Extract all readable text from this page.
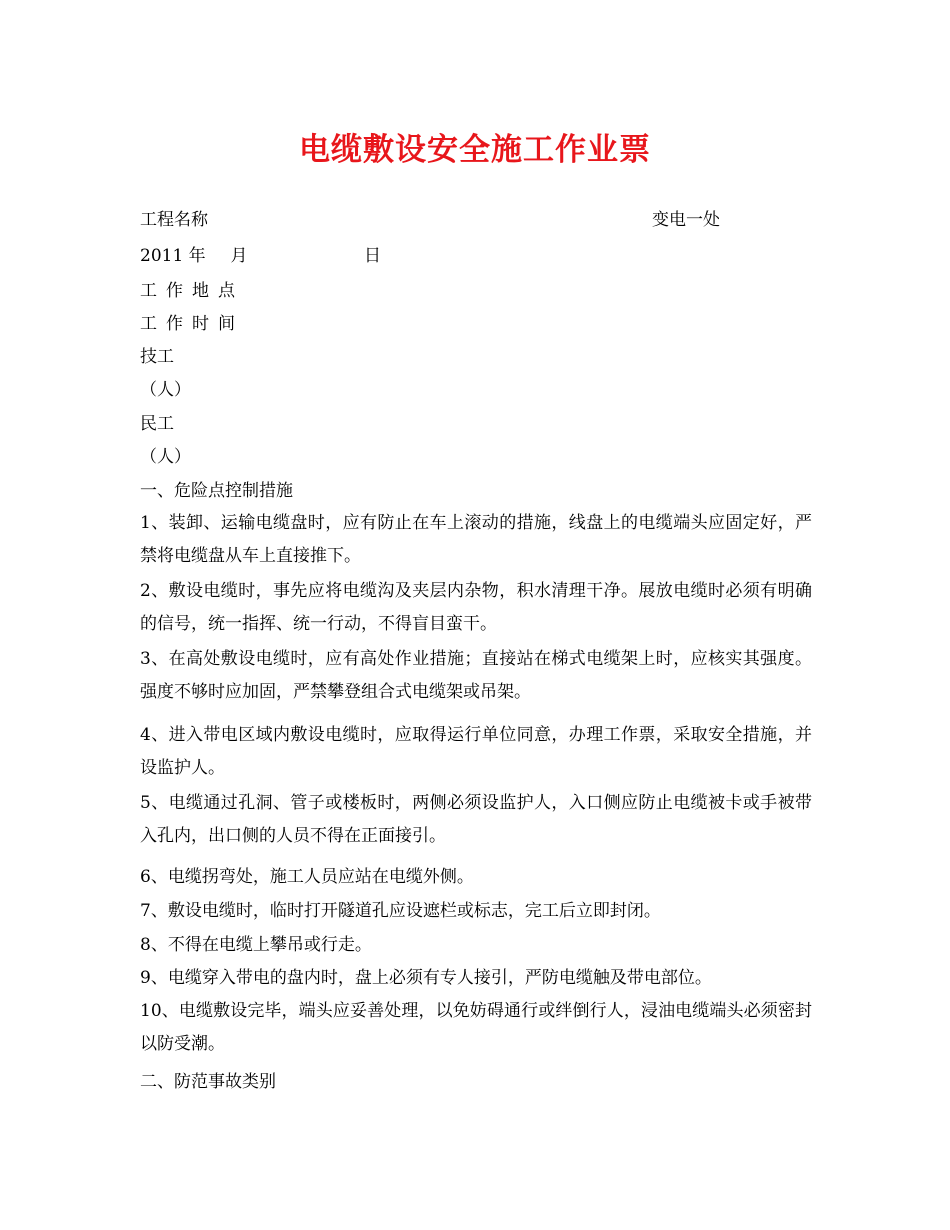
电缆敷设安全施工作业票
工程名称	变电一处
2011 年 月	日
工作地点
工作时间
技工
（人）
民工
（人）
一、危险点控制措施
1、装卸、运输电缆盘时，应有防止在车上滚动的措施，线盘上的电缆端头应固定好，严禁将电缆盘从车上直接推下。
2、敷设电缆时，事先应将电缆沟及夹层内杂物，积水清理干净。展放电缆时必须有明确的信号，统一指挥、统一行动，不得盲目蛮干。
3、在高处敷设电缆时，应有高处作业措施；直接站在梯式电缆架上时，应核实其强度。强度不够时应加固，严禁攀登组合式电缆架或吊架。
4、进入带电区域内敷设电缆时，应取得运行单位同意，办理工作票，采取安全措施，并设监护人。
5、电缆通过孔洞、管子或楼板时，两侧必须设监护人，入口侧应防止电缆被卡或手被带入孔内，出口侧的人员不得在正面接引。
6、电缆拐弯处，施工人员应站在电缆外侧。
7、敷设电缆时，临时打开隧道孔应设遮栏或标志，完工后立即封闭。
8、不得在电缆上攀吊或行走。
9、电缆穿入带电的盘内时，盘上必须有专人接引，严防电缆触及带电部位。
10、电缆敷设完毕，端头应妥善处理，以免妨碍通行或绊倒行人，浸油电缆端头必须密封以防受潮。
二、防范事故类别
